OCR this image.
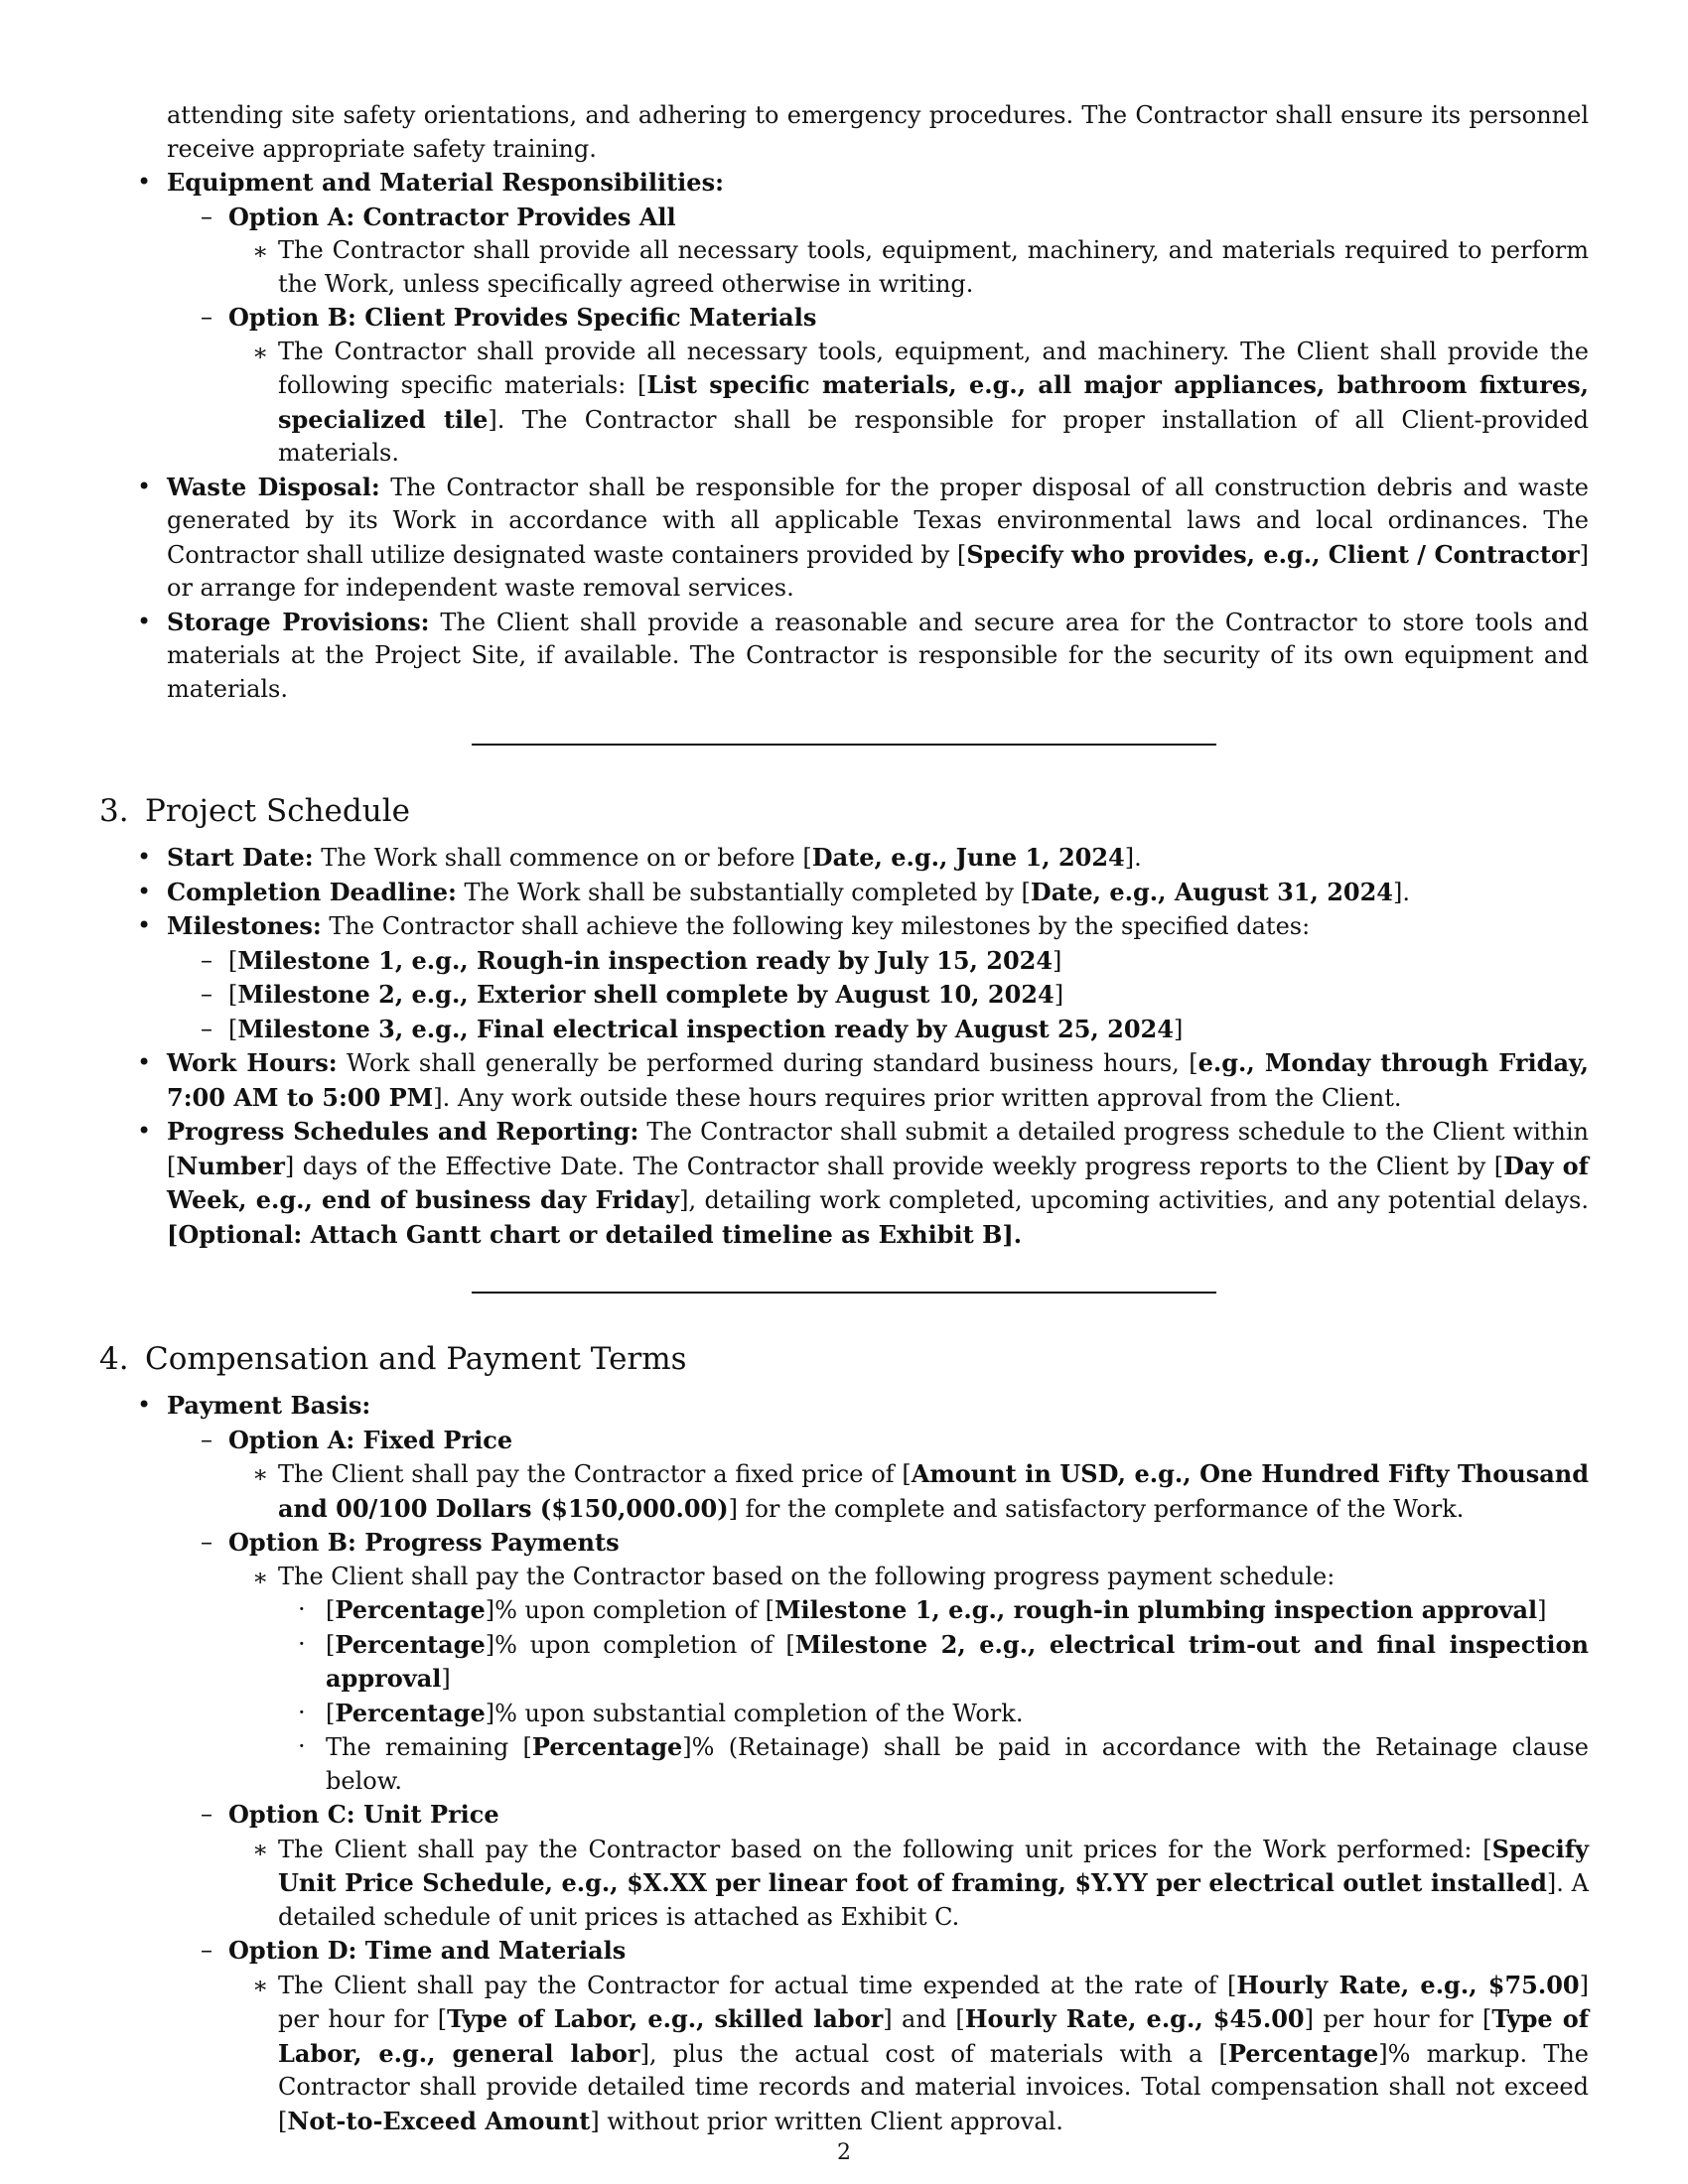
attending site safety orientations, and adhering to emergency procedures. The Contractor shall ensure its personnel receive appropriate safety training.

• Equipment and Material Responsibilities:
– Option A: Contractor Provides All
∗ The Contractor shall provide all necessary tools, equipment, machinery, and materials required to perform the Work, unless specifically agreed otherwise in writing.
– Option B: Client Provides Specific Materials
∗ The Contractor shall provide all necessary tools, equipment, and machinery. The Client shall provide the following specific materials: [List specific materials, e.g., all major appliances, bathroom fixtures, specialized tile]. The Contractor shall be responsible for proper installation of all Client-provided materials.
• Waste Disposal: The Contractor shall be responsible for the proper disposal of all construction debris and waste generated by its Work in accordance with all applicable Texas environmental laws and local ordinances. The Contractor shall utilize designated waste containers provided by [Specify who provides, e.g., Client / Contractor] or arrange for independent waste removal services.
• Storage Provisions: The Client shall provide a reasonable and secure area for the Contractor to store tools and materials at the Project Site, if available. The Contractor is responsible for the security of its own equipment and materials.
3. Project Schedule
• Start Date: The Work shall commence on or before [Date, e.g., June 1, 2024].
• Completion Deadline: The Work shall be substantially completed by [Date, e.g., August 31, 2024].
• Milestones: The Contractor shall achieve the following key milestones by the specified dates:
– [Milestone 1, e.g., Rough-in inspection ready by July 15, 2024]
– [Milestone 2, e.g., Exterior shell complete by August 10, 2024]
– [Milestone 3, e.g., Final electrical inspection ready by August 25, 2024]
• Work Hours: Work shall generally be performed during standard business hours, [e.g., Monday through Friday, 7:00 AM to 5:00 PM]. Any work outside these hours requires prior written approval from the Client.
• Progress Schedules and Reporting: The Contractor shall submit a detailed progress schedule to the Client within [Number] days of the Effective Date. The Contractor shall provide weekly progress reports to the Client by [Day of Week, e.g., end of business day Friday], detailing work completed, upcoming activities, and any potential delays. [Optional: Attach Gantt chart or detailed timeline as Exhibit B].
4. Compensation and Payment Terms
• Payment Basis:
– Option A: Fixed Price
∗ The Client shall pay the Contractor a fixed price of [Amount in USD, e.g., One Hundred Fifty Thousand and 00/100 Dollars ($150,000.00)] for the complete and satisfactory performance of the Work.
– Option B: Progress Payments
∗ The Client shall pay the Contractor based on the following progress payment schedule:
· [Percentage]% upon completion of [Milestone 1, e.g., rough-in plumbing inspection approval]
· [Percentage]% upon completion of [Milestone 2, e.g., electrical trim-out and final inspection approval]
· [Percentage]% upon substantial completion of the Work.
· The remaining [Percentage]% (Retainage) shall be paid in accordance with the Retainage clause below.
– Option C: Unit Price
∗ The Client shall pay the Contractor based on the following unit prices for the Work performed: [Specify Unit Price Schedule, e.g., $X.XX per linear foot of framing, $Y.YY per electrical outlet installed]. A detailed schedule of unit prices is attached as Exhibit C.
– Option D: Time and Materials
∗ The Client shall pay the Contractor for actual time expended at the rate of [Hourly Rate, e.g., $75.00] per hour for [Type of Labor, e.g., skilled labor] and [Hourly Rate, e.g., $45.00] per hour for [Type of Labor, e.g., general labor], plus the actual cost of materials with a [Percentage]% markup. The Contractor shall provide detailed time records and material invoices. Total compensation shall not exceed [Not-to-Exceed Amount] without prior written Client approval.
2
